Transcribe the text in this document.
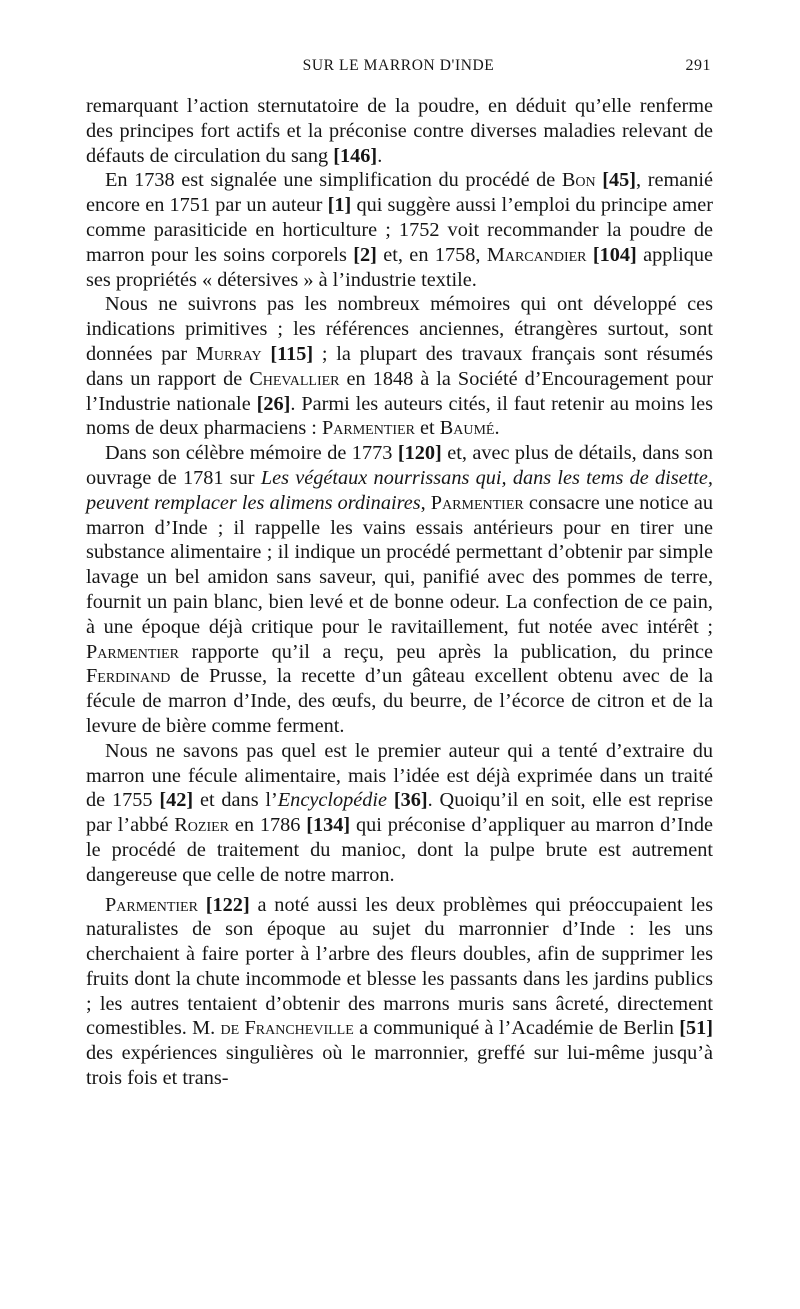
SUR LE MARRON D'INDE	291

remarquant l’action sternutatoire de la poudre, en déduit qu’elle renferme des principes fort actifs et la préconise contre diverses maladies relevant de défauts de circulation du sang [146].

En 1738 est signalée une simplification du procédé de Bon [45], remanié encore en 1751 par un auteur [1] qui suggère aussi l’emploi du principe amer comme parasiticide en horticulture ; 1752 voit recommander la poudre de marron pour les soins corporels [2] et, en 1758, Marcandier [104] applique ses propriétés « détersives » à l’industrie textile.

Nous ne suivrons pas les nombreux mémoires qui ont développé ces indications primitives ; les références anciennes, étrangères surtout, sont données par Murray [115] ; la plupart des travaux français sont résumés dans un rapport de Chevallier en 1848 à la Société d’Encouragement pour l’Industrie nationale [26]. Parmi les auteurs cités, il faut retenir au moins les noms de deux pharmaciens : Parmentier et Baumé.

Dans son célèbre mémoire de 1773 [120] et, avec plus de détails, dans son ouvrage de 1781 sur Les végétaux nourrissans qui, dans les tems de disette, peuvent remplacer les alimens ordinaires, Parmentier consacre une notice au marron d’Inde ; il rappelle les vains essais antérieurs pour en tirer une substance alimentaire ; il indique un procédé permettant d’obtenir par simple lavage un bel amidon sans saveur, qui, panifié avec des pommes de terre, fournit un pain blanc, bien levé et de bonne odeur. La confection de ce pain, à une époque déjà critique pour le ravitaillement, fut notée avec intérêt ; Parmentier rapporte qu’il a reçu, peu après la publication, du prince Ferdinand de Prusse, la recette d’un gâteau excellent obtenu avec de la fécule de marron d’Inde, des œufs, du beurre, de l’écorce de citron et de la levure de bière comme ferment.

Nous ne savons pas quel est le premier auteur qui a tenté d’extraire du marron une fécule alimentaire, mais l’idée est déjà exprimée dans un traité de 1755 [42] et dans l’Encyclopédie [36]. Quoiqu’il en soit, elle est reprise par l’abbé Rozier en 1786 [134] qui préconise d’appliquer au marron d’Inde le procédé de traitement du manioc, dont la pulpe brute est autrement dangereuse que celle de notre marron.

Parmentier [122] a noté aussi les deux problèmes qui préoccupaient les naturalistes de son époque au sujet du marronnier d’Inde : les uns cherchaient à faire porter à l’arbre des fleurs doubles, afin de supprimer les fruits dont la chute incommode et blesse les passants dans les jardins publics ; les autres tentaient d’obtenir des marrons muris sans âcreté, directement comestibles. M. de Francheville a communiqué à l’Académie de Berlin [51] des expériences singulières où le marronnier, greffé sur lui-même jusqu’à trois fois et trans-
